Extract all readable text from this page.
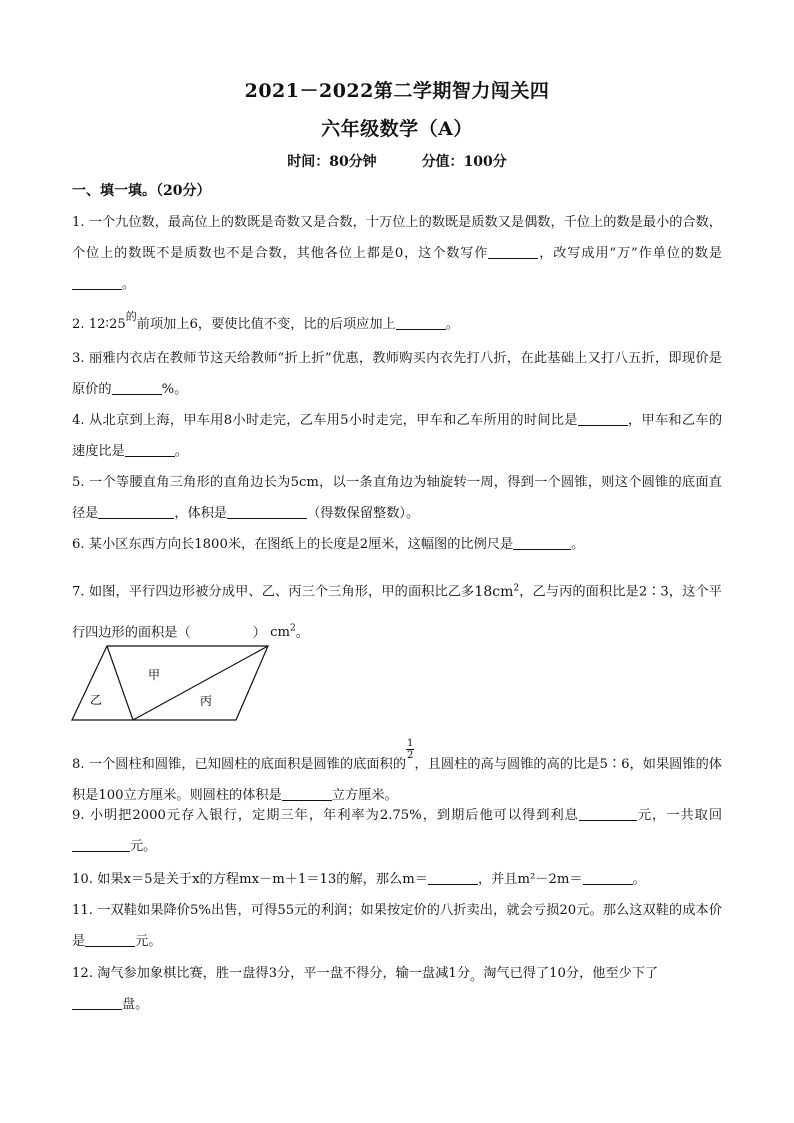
2021－2022第二学期智力闯关四
六年级数学（A）
时间：80分钟	分值：100分
一、填一填。（20分）

1. 一个九位数，最高位上的数既是奇数又是合数，十万位上的数既是质数又是偶数，千位上的数是最小的合数，个位上的数既不是质数也不是合数，其他各位上都是0，这个数写作	，改写成用“万”作单位的数是。

2. $12∶25^的$前项加上6，要使比值不变，比的后项应加上	。

3. 丽雅内衣店在教师节这天给教师“折上折”优惠，教师购买内衣先打八折，在此基础上又打八五折，即现价是原价的	%。

4. 从北京到上海，甲车用8小时走完，乙车用5小时走完，甲车和乙车所用的时间比是	，甲车和乙车的速度比是	。

5. 一个等腰直角三角形的直角边长为5cm，以一条直角边为轴旋转一周，得到一个圆锥，则这个圆锥的底面直径是	，体积是	（得数保留整数）。

6. 某小区东西方向长1800米，在图纸上的长度是2厘米，这幅图的比例尺是	。

7. 如图，平行四边形被分成甲、乙、丙三个三角形，甲的面积比乙多$18cm^2$，乙与丙的面积比是2∶3，这个平行四边形的面积是（	） $cm^2$。

甲
乙	丙

8. 一个圆柱和圆锥，已知圆柱的底面积是圆锥的底面积的
$\frac{1}{2}$
，且圆柱的高与圆锥的高的比是5∶6，如果圆锥的体积是100立方厘米。则圆柱的体积是	立方厘米。

9. 小明把2000元存入银行，定期三年，年利率为2.75%，到期后他可以得到利息	元，一共取回元。

10. 如果x＝5是关于x的方程mx－m＋1＝13的解，那么m＝	，并且m²－2m＝	。

11. 一双鞋如果降价5%出售，可得55元的利润；如果按定价的八折卖出，就会亏损20元。那么这双鞋的成本价是	元。

12. 淘气参加象棋比赛，胜一盘得3分，平一盘不得分，输一盘减1分。淘气已得了10分，他至少下了
盘。
